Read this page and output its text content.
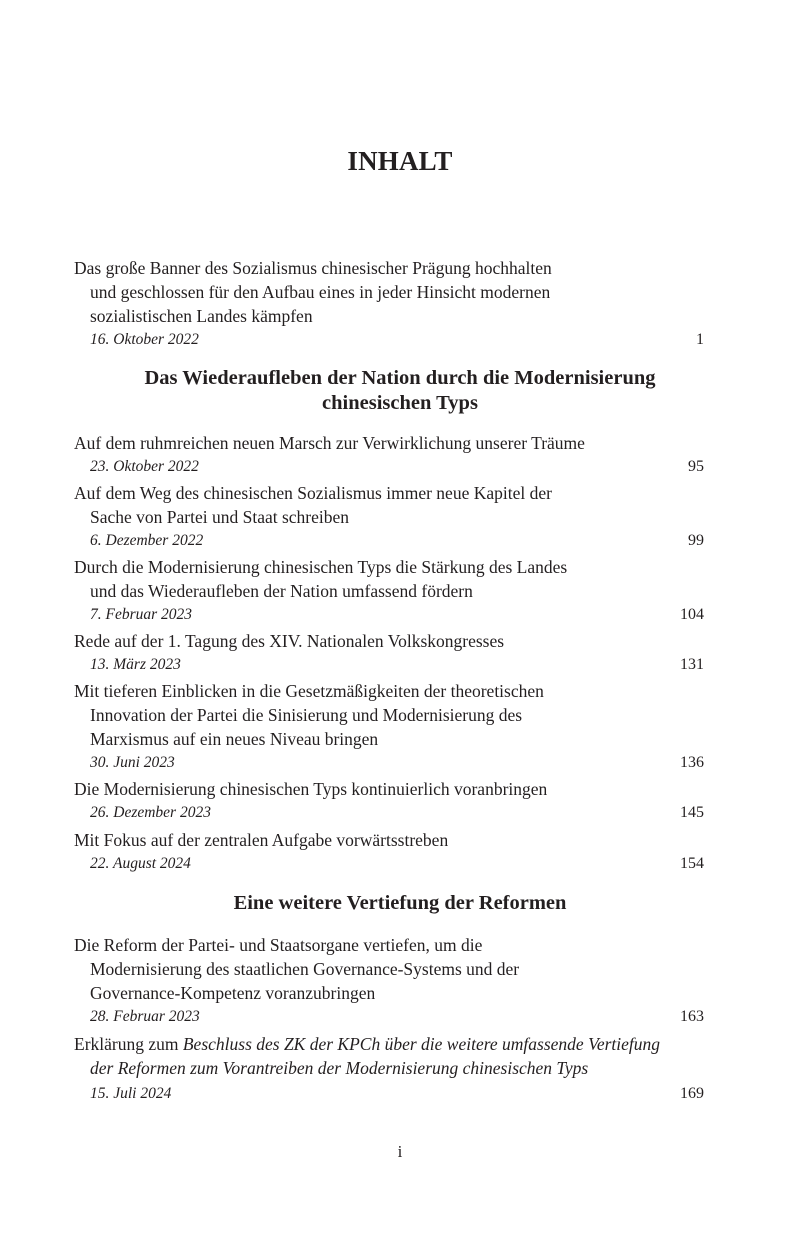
INHALT
Das große Banner des Sozialismus chinesischer Prägung hochhalten
und geschlossen für den Aufbau eines in jeder Hinsicht modernen
sozialistischen Landes kämpfen
16. Oktober 2022	1
Das Wiederaufleben der Nation durch die Modernisierung
chinesischen Typs
Auf dem ruhmreichen neuen Marsch zur Verwirklichung unserer Träume
23. Oktober 2022	95
Auf dem Weg des chinesischen Sozialismus immer neue Kapitel der
Sache von Partei und Staat schreiben
6. Dezember 2022	99
Durch die Modernisierung chinesischen Typs die Stärkung des Landes
und das Wiederaufleben der Nation umfassend fördern
7. Februar 2023	104
Rede auf der 1. Tagung des XIV. Nationalen Volkskongresses
13. März 2023	131
Mit tieferen Einblicken in die Gesetzmäßigkeiten der theoretischen
Innovation der Partei die Sinisierung und Modernisierung des
Marxismus auf ein neues Niveau bringen
30. Juni 2023	136
Die Modernisierung chinesischen Typs kontinuierlich voranbringen
26. Dezember 2023	145
Mit Fokus auf der zentralen Aufgabe vorwärtsstreben
22. August 2024	154
Eine weitere Vertiefung der Reformen
Die Reform der Partei- und Staatsorgane vertiefen, um die
Modernisierung des staatlichen Governance-Systems und der
Governance-Kompetenz voranzubringen
28. Februar 2023	163
Erklärung zum Beschluss des ZK der KPCh über die weitere umfassende Vertiefung
der Reformen zum Vorantreiben der Modernisierung chinesischen Typs
15. Juli 2024	169
i
